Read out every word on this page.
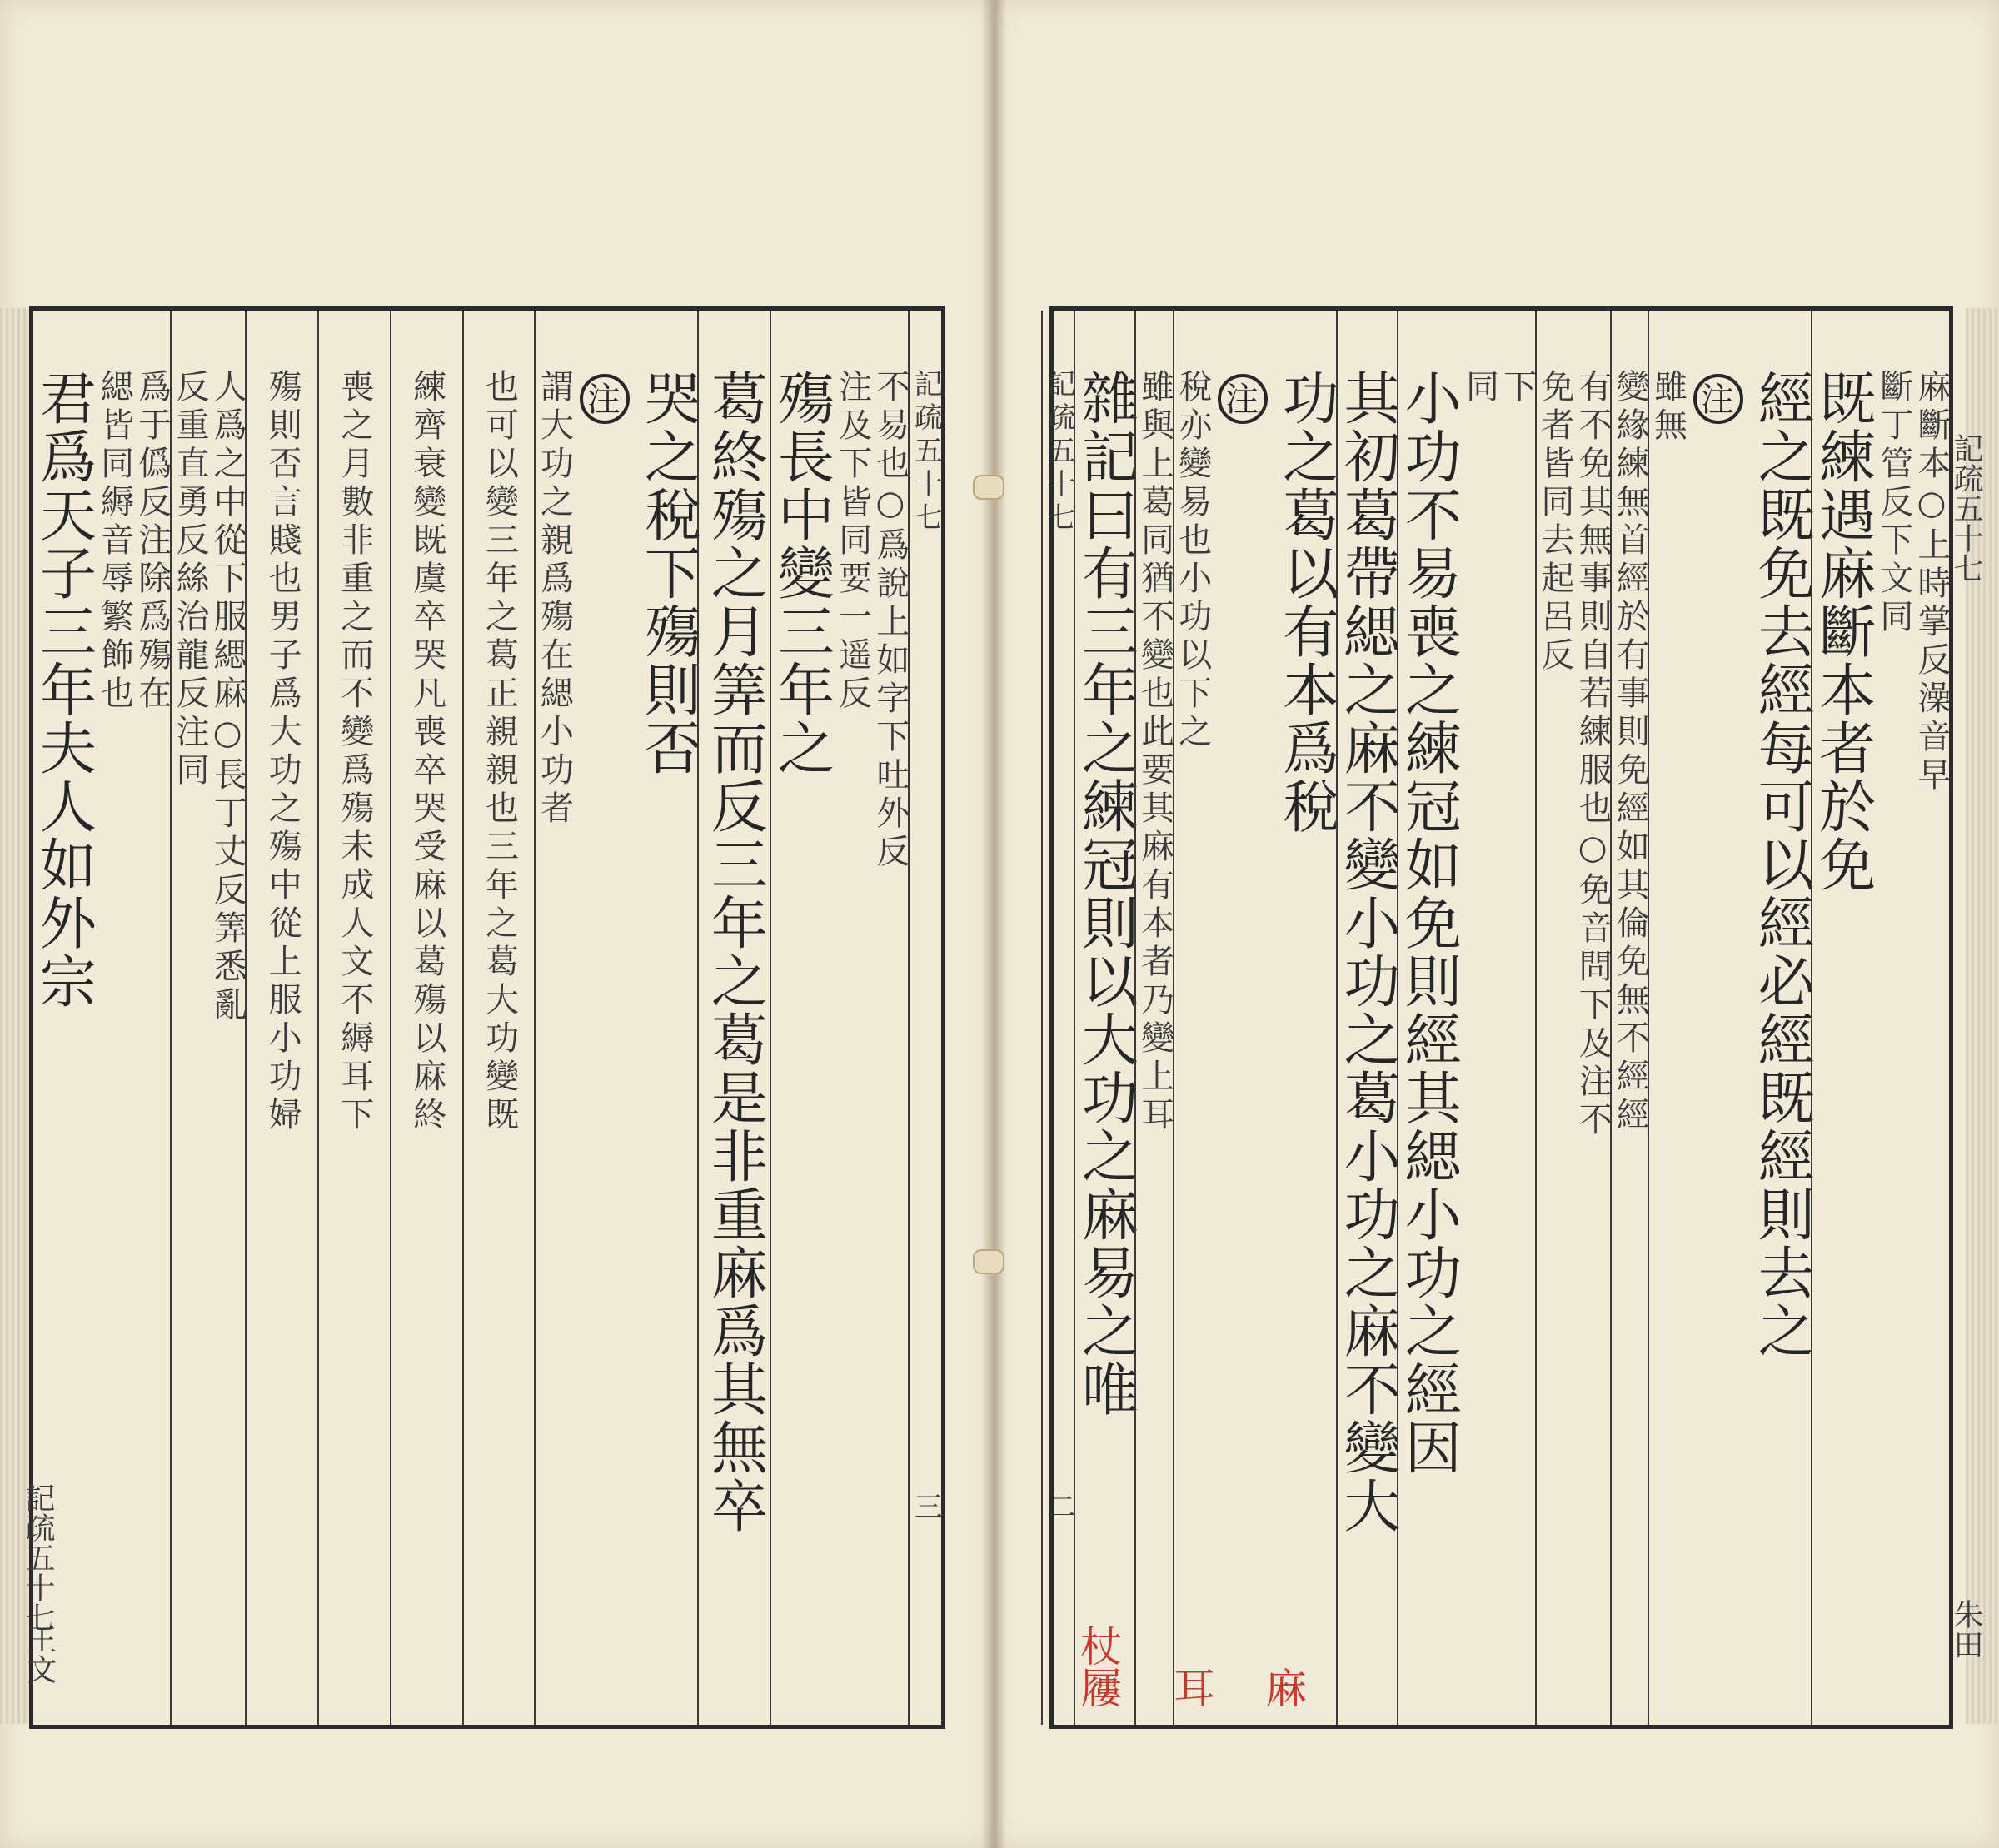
記疏五十七
三
不易也○爲說上如字下吐外反
注及下皆同要一遥反
殤長中變三年之
葛終殤之月筭而反三年之葛是非重麻爲其無卒
哭之稅下殤則否
注
謂大功之親爲殤在緦小功者
也可以變三年之葛正親親也三年之葛大功變既
練齊衰變既虞卒哭凡喪卒哭受麻以葛殤以麻終
喪之月數非重之而不變爲殤未成人文不縟耳下
殤則否言賤也男子爲大功之殤中從上服小功婦
人爲之中從下服緦麻○長丁丈反筭悉亂
反重直勇反絲治龍反注同
爲于僞反注除爲殤在
緦皆同縟音辱繁飾也
君爲天子三年夫人如外宗
記疏五十七
王文
麻斷本○上時掌反澡音早
斷丁管反下文同
既練遇麻斷本者於免
經之既免去經每可以經必經既經則去之
注
雖無
變緣練無首經於有事則免經如其倫免無不經經
有不免其無事則自若練服也○免音問下及注不
免者皆同去起呂反
下
同
小功不易喪之練冠如免則經其緦小功之經因
其初葛帶緦之麻不變小功之葛小功之麻不變大
功之葛以有本爲稅
注
稅亦變易也小功以下之
雖與上葛同猶不變也此要其麻有本者乃變上耳
雜記曰有三年之練冠則以大功之麻易之唯
記疏五十七
二
麻
耳
杖屨
記疏五十七
朱田
